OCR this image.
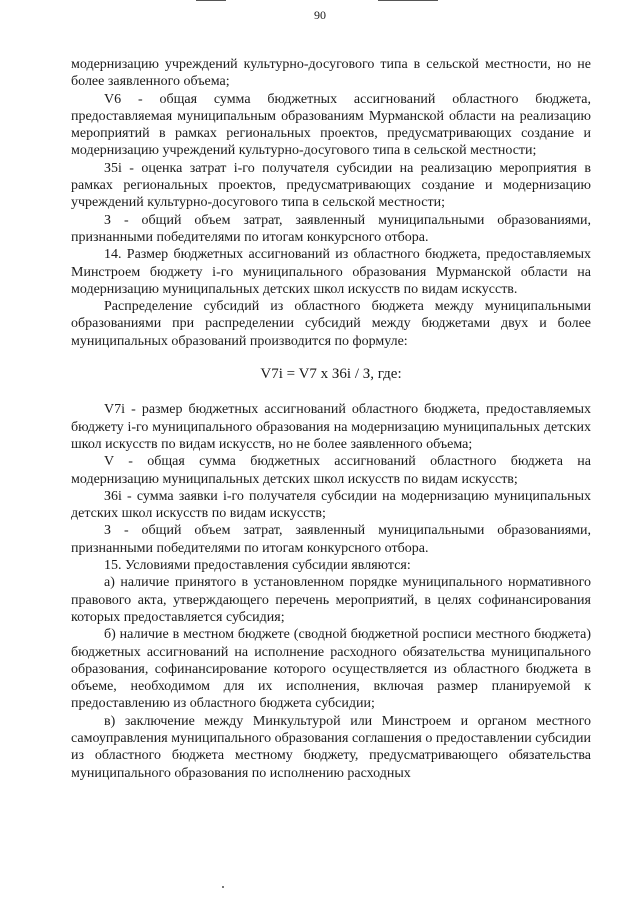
90

модернизацию учреждений культурно-досугового типа в сельской местности, но не более заявленного объема;

V6 - общая сумма бюджетных ассигнований областного бюджета, предоставляемая муниципальным образованиям Мурманской области на реализацию мероприятий в рамках региональных проектов, предусматривающих создание и модернизацию учреждений культурно-досугового типа в сельской местности;

З5i - оценка затрат i-го получателя субсидии на реализацию мероприятия в рамках региональных проектов, предусматривающих создание и модернизацию учреждений культурно-досугового типа в сельской местности;

З - общий объем затрат, заявленный муниципальными образованиями, признанными победителями по итогам конкурсного отбора.

14. Размер бюджетных ассигнований из областного бюджета, предоставляемых Минстроем бюджету i-го муниципального образования Мурманской области на модернизацию муниципальных детских школ искусств по видам искусств.

Распределение субсидий из областного бюджета между муниципальными образованиями при распределении субсидий между бюджетами двух и более муниципальных образований производится по формуле:

V7i = V7 x З6i / З, где:

V7i - размер бюджетных ассигнований областного бюджета, предоставляемых бюджету i-го муниципального образования на модернизацию муниципальных детских школ искусств по видам искусств, но не более заявленного объема;

V - общая сумма бюджетных ассигнований областного бюджета на модернизацию муниципальных детских школ искусств по видам искусств;

З6i - сумма заявки i-го получателя субсидии на модернизацию муниципальных детских школ искусств по видам искусств;

З - общий объем затрат, заявленный муниципальными образованиями, признанными победителями по итогам конкурсного отбора.

15. Условиями предоставления субсидии являются:

а) наличие принятого в установленном порядке муниципального нормативного правового акта, утверждающего перечень мероприятий, в целях софинансирования которых предоставляется субсидия;

б) наличие в местном бюджете (сводной бюджетной росписи местного бюджета) бюджетных ассигнований на исполнение расходного обязательства муниципального образования, софинансирование которого осуществляется из областного бюджета в объеме, необходимом для их исполнения, включая размер планируемой к предоставлению из областного бюджета субсидии;

в) заключение между Минкультурой или Минстроем и органом местного самоуправления муниципального образования соглашения о предоставлении субсидии из областного бюджета местному бюджету, предусматривающего обязательства муниципального образования по исполнению расходных
